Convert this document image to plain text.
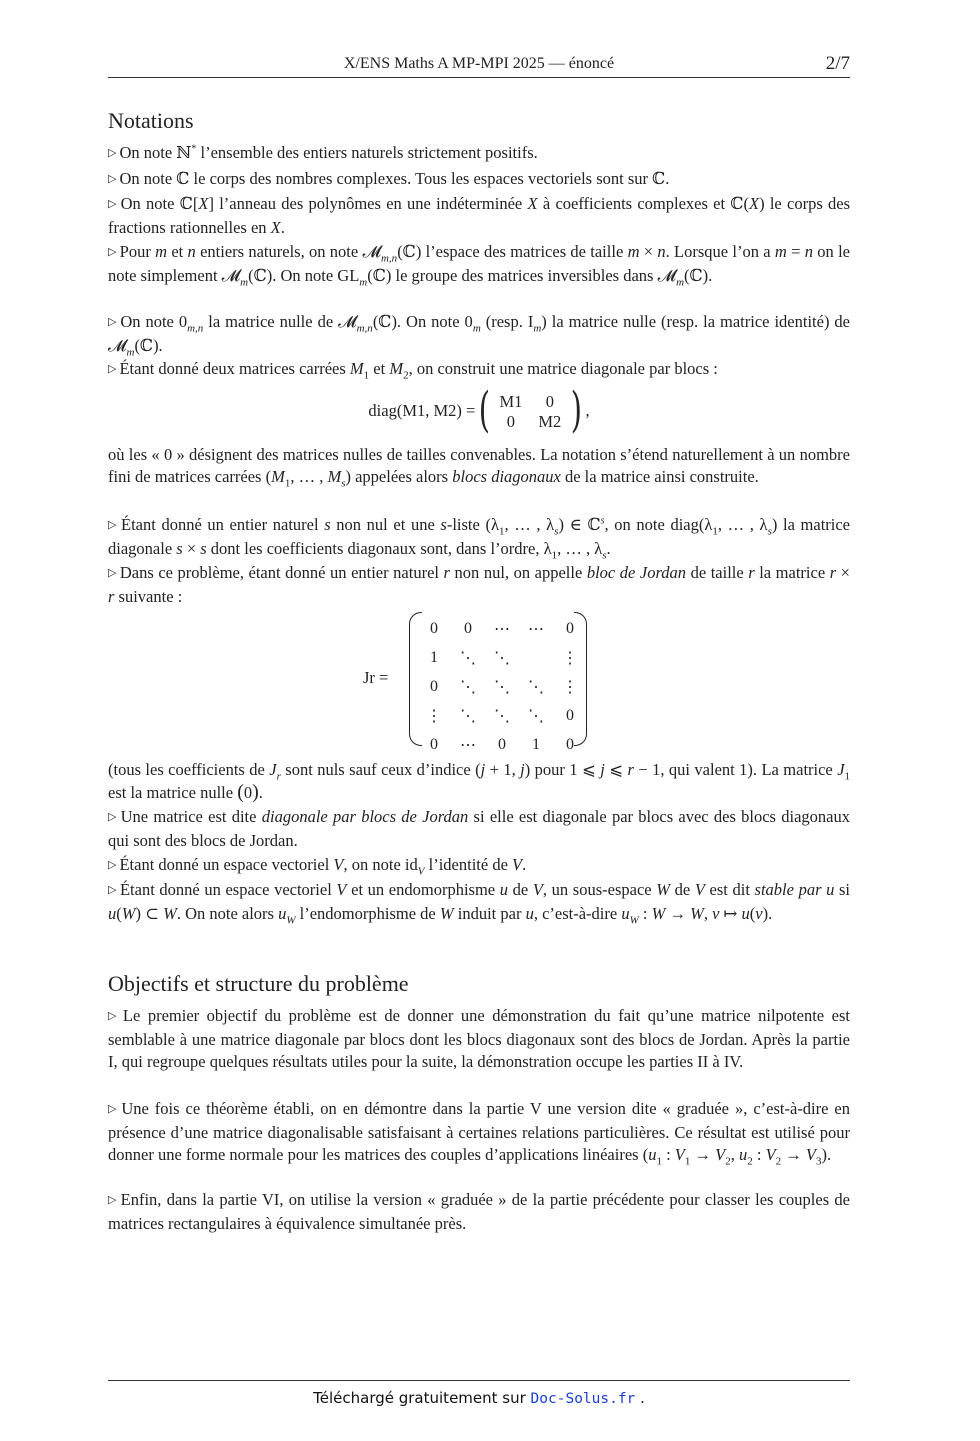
X/ENS Maths A MP-MPI 2025 — énoncé	2/7
Notations
▷ On note ℕ* l’ensemble des entiers naturels strictement positifs.
▷ On note ℂ le corps des nombres complexes. Tous les espaces vectoriels sont sur ℂ.
▷ On note ℂ[X] l’anneau des polynômes en une indéterminée X à coefficients complexes et ℂ(X) le corps des fractions rationnelles en X.
▷ Pour m et n entiers naturels, on note 𝓜$_{m,n}$(ℂ) l’espace des matrices de taille m × n. Lorsque l’on a m = n on le note simplement 𝓜$_m$(ℂ). On note $GL_m(ℂ)$ le groupe des matrices inversibles dans 𝓜$_m$(ℂ).
▷ On note $0_{m,n}$ la matrice nulle de 𝓜$_{m,n}$(ℂ). On note $0_m$ (resp. $I_m$) la matrice nulle (resp. la matrice identité) de 𝓜$_m$(ℂ).
▷ Étant donné deux matrices carrées $M_1$ et $M_2$, on construit une matrice diagonale par blocs :
diag(M1, M2) = ( M1	0
0	M2 ) ,
où les « 0 » désignent des matrices nulles de tailles convenables. La notation s’étend naturellement à un nombre fini de matrices carrées ($M_1$, … , $M_s$) appelées alors blocs diagonaux de la matrice ainsi construite.
▷ Étant donné un entier naturel s non nul et une s-liste ($\lambda_1$, … , $\lambda_s$) ∈ ℂ$^s$, on note $diag(\lambda_1$, … , $\lambda_s$) la matrice diagonale s × s dont les coefficients diagonaux sont, dans l’ordre, $\lambda_1$, … , $\lambda_s$.
▷ Dans ce problème, étant donné un entier naturel r non nul, on appelle bloc de Jordan de taille r la matrice r × r suivante :
Jr =
0	0	⋯	⋯	0
1	⋱	⋱		⋮
0	⋱	⋱	⋱	⋮
⋮	⋱	⋱	⋱	0
0	⋯	0	1	0
(tous les coefficients de $J_r$ sont nuls sauf ceux d’indice (j + 1, j) pour 1 ⩽ j ⩽ r − 1, qui valent 1). La matrice $J_1$ est la matrice nulle (0).
▷ Une matrice est dite diagonale par blocs de Jordan si elle est diagonale par blocs avec des blocs diagonaux qui sont des blocs de Jordan.
▷ Étant donné un espace vectoriel V, on note $id_V$ l’identité de V.
▷ Étant donné un espace vectoriel V et un endomorphisme u de V, un sous-espace W de V est dit stable par u si u(W) ⊂ W. On note alors $u_W$ l’endomorphisme de W induit par u, c’est-à-dire $u_W$ : W → W, v ↦ u(v).
Objectifs et structure du problème
▷ Le premier objectif du problème est de donner une démonstration du fait qu’une matrice nilpotente est semblable à une matrice diagonale par blocs dont les blocs diagonaux sont des blocs de Jordan. Après la partie I, qui regroupe quelques résultats utiles pour la suite, la démonstration occupe les parties II à IV.
▷ Une fois ce théorème établi, on en démontre dans la partie V une version dite « graduée », c’est-à-dire en présence d’une matrice diagonalisable satisfaisant à certaines relations particulières. Ce résultat est utilisé pour donner une forme normale pour les matrices des couples d’applications linéaires ($u_1$ : $V_1 \to V_2$, $u_2$ : $V_2 \to V_3$).
▷ Enfin, dans la partie VI, on utilise la version « graduée » de la partie précédente pour classer les couples de matrices rectangulaires à équivalence simultanée près.
Téléchargé gratuitement sur Doc-Solus.fr .
